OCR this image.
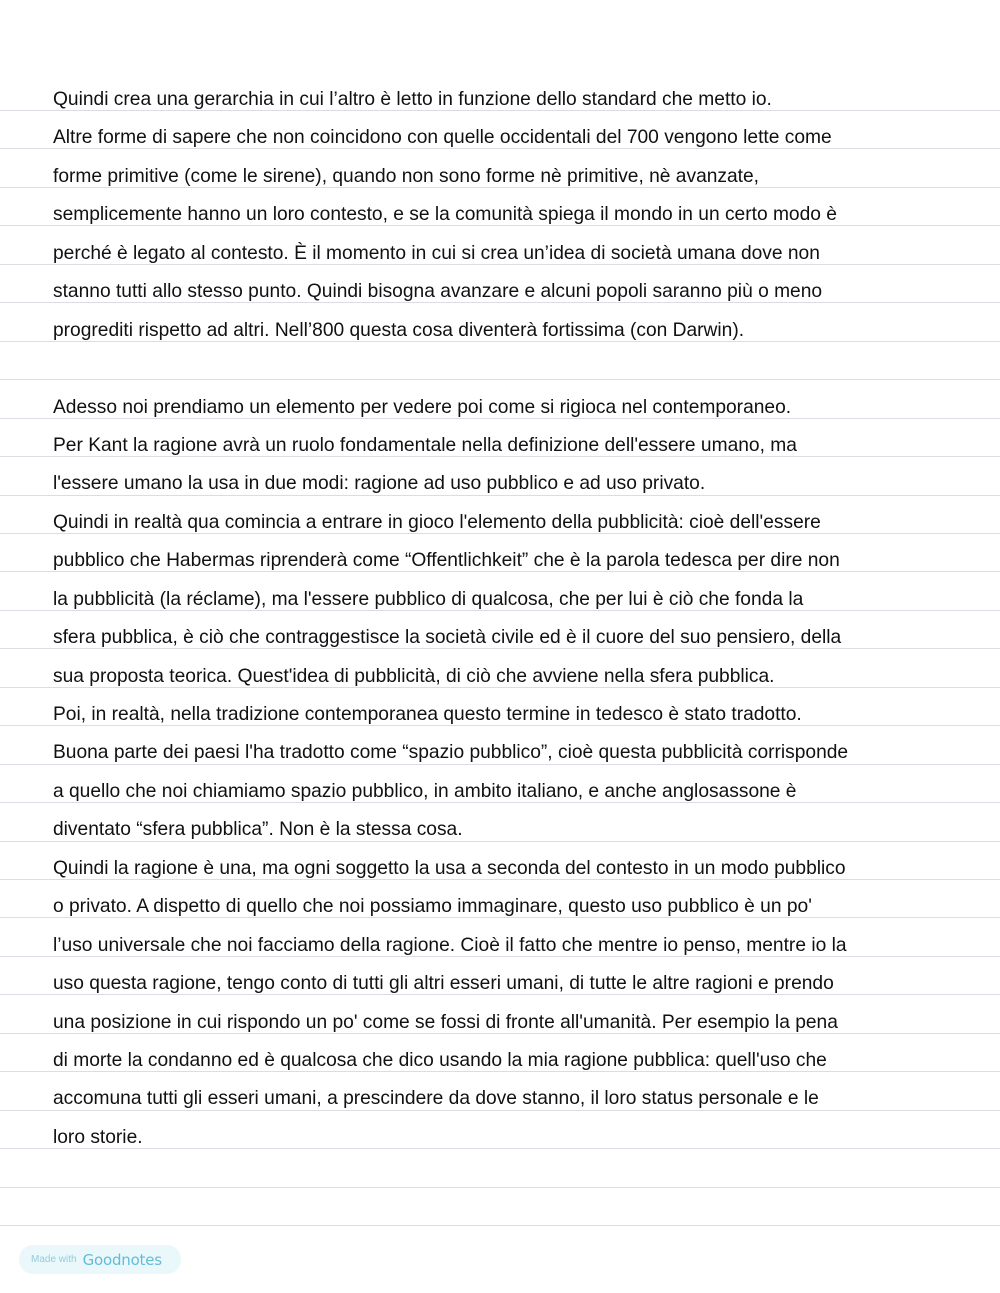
Quindi crea una gerarchia in cui l’altro è letto in funzione dello standard che metto io.
Altre forme di sapere che non coincidono con quelle occidentali del 700 vengono lette come
forme primitive (come le sirene), quando non sono forme nè primitive, nè avanzate,
semplicemente hanno un loro contesto, e se la comunità spiega il mondo in un certo modo è
perché è legato al contesto. È il momento in cui si crea un’idea di società umana dove non
stanno tutti allo stesso punto. Quindi bisogna avanzare e alcuni popoli saranno più o meno
progrediti rispetto ad altri. Nell’800 questa cosa diventerà fortissima (con Darwin).
Adesso noi prendiamo un elemento per vedere poi come si rigioca nel contemporaneo.
Per Kant la ragione avrà un ruolo fondamentale nella definizione dell'essere umano, ma
l'essere umano la usa in due modi: ragione ad uso pubblico e ad uso privato.
Quindi in realtà qua comincia a entrare in gioco l'elemento della pubblicità: cioè dell'essere
pubblico che Habermas riprenderà come “Offentlichkeit” che è la parola tedesca per dire non
la pubblicità (la réclame), ma l'essere pubblico di qualcosa, che per lui è ciò che fonda la
sfera pubblica, è ciò che contraggestisce la società civile ed è il cuore del suo pensiero, della
sua proposta teorica. Quest'idea di pubblicità, di ciò che avviene nella sfera pubblica.
Poi, in realtà, nella tradizione contemporanea questo termine in tedesco è stato tradotto.
Buona parte dei paesi l'ha tradotto come “spazio pubblico”, cioè questa pubblicità corrisponde
a quello che noi chiamiamo spazio pubblico, in ambito italiano, e anche anglosassone è
diventato “sfera pubblica”. Non è la stessa cosa.
Quindi la ragione è una, ma ogni soggetto la usa a seconda del contesto in un modo pubblico
o privato. A dispetto di quello che noi possiamo immaginare, questo uso pubblico è un po'
l’uso universale che noi facciamo della ragione. Cioè il fatto che mentre io penso, mentre io la
uso questa ragione, tengo conto di tutti gli altri esseri umani, di tutte le altre ragioni e prendo
una posizione in cui rispondo un po' come se fossi di fronte all'umanità. Per esempio la pena
di morte la condanno ed è qualcosa che dico usando la mia ragione pubblica: quell'uso che
accomuna tutti gli esseri umani, a prescindere da dove stanno, il loro status personale e le
loro storie.
Made with Goodnotes
